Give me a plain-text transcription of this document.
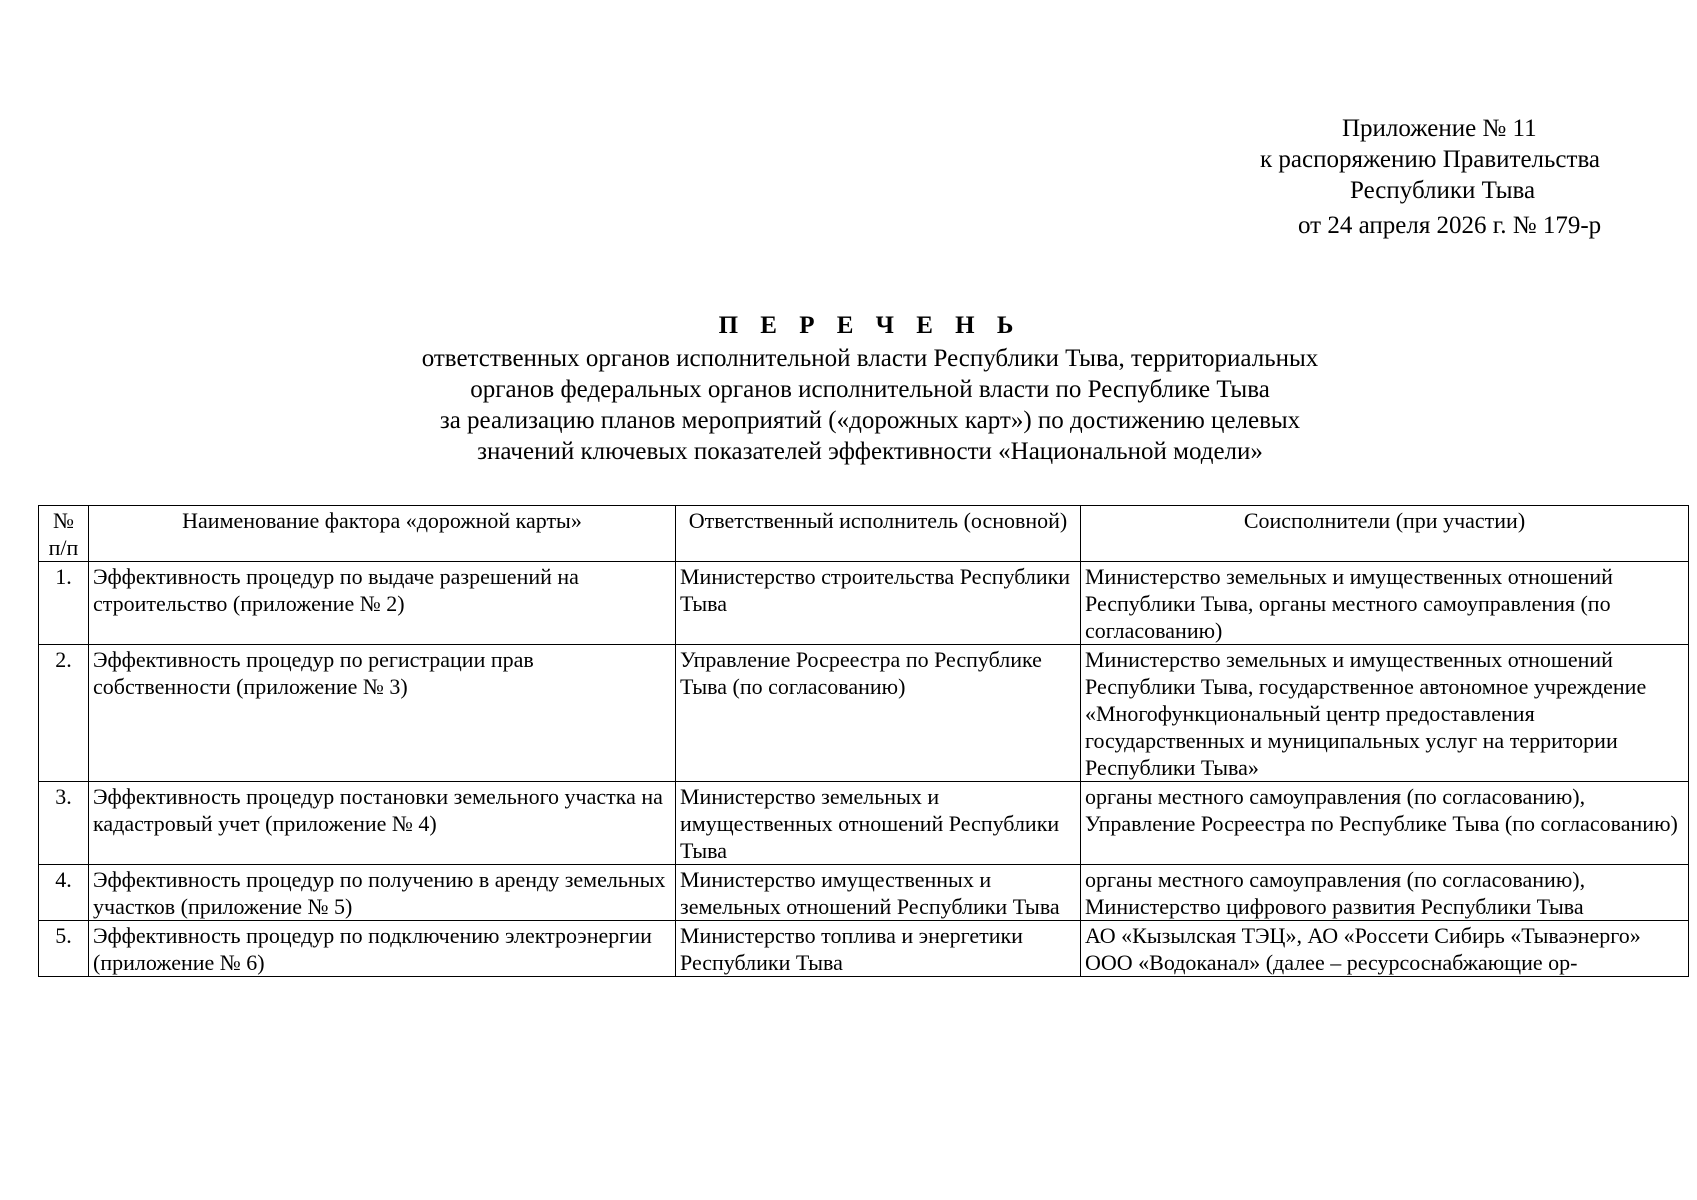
Приложение № 11
к распоряжению Правительства
Республики Тыва
от 24 апреля 2026 г. № 179-р
П Е Р Е Ч Е Н Ь
ответственных органов исполнительной власти Республики Тыва, территориальных
органов федеральных органов исполнительной власти по Республике Тыва
за реализацию планов мероприятий («дорожных карт») по достижению целевых
значений ключевых показателей эффективности «Национальной модели»
№ п/п	Наименование фактора «дорожной карты»	Ответственный исполнитель (основной)	Соисполнители (при участии)
1.	Эффективность процедур по выдаче разрешений на строительство (приложение № 2)	Министерство строительства Республики Тыва	Министерство земельных и имущественных отношений Республики Тыва, органы местного самоуправления (по согласованию)
2.	Эффективность процедур по регистрации прав собственности (приложение № 3)	Управление Росреестра по Республике Тыва (по согласованию)	Министерство земельных и имущественных отношений Республики Тыва, государственное автономное учреждение «Многофункциональный центр предоставления государственных и муниципальных услуг на территории Республики Тыва»
3.	Эффективность процедур постановки земельного участка на кадастровый учет (приложение № 4)	Министерство земельных и имущественных отношений Республики Тыва	органы местного самоуправления (по согласованию), Управление Росреестра по Республике Тыва (по согласованию)
4.	Эффективность процедур по получению в аренду земельных участков (приложение № 5)	Министерство имущественных и земельных отношений Республики Тыва	органы местного самоуправления (по согласованию), Министерство цифрового развития Республики Тыва
5.	Эффективность процедур по подключению электроэнергии (приложение № 6)	Министерство топлива и энергетики Республики Тыва	АО «Кызылская ТЭЦ», АО «Россети Сибирь «Тываэнерго» ООО «Водоканал» (далее – ресурсоснабжающие ор-
